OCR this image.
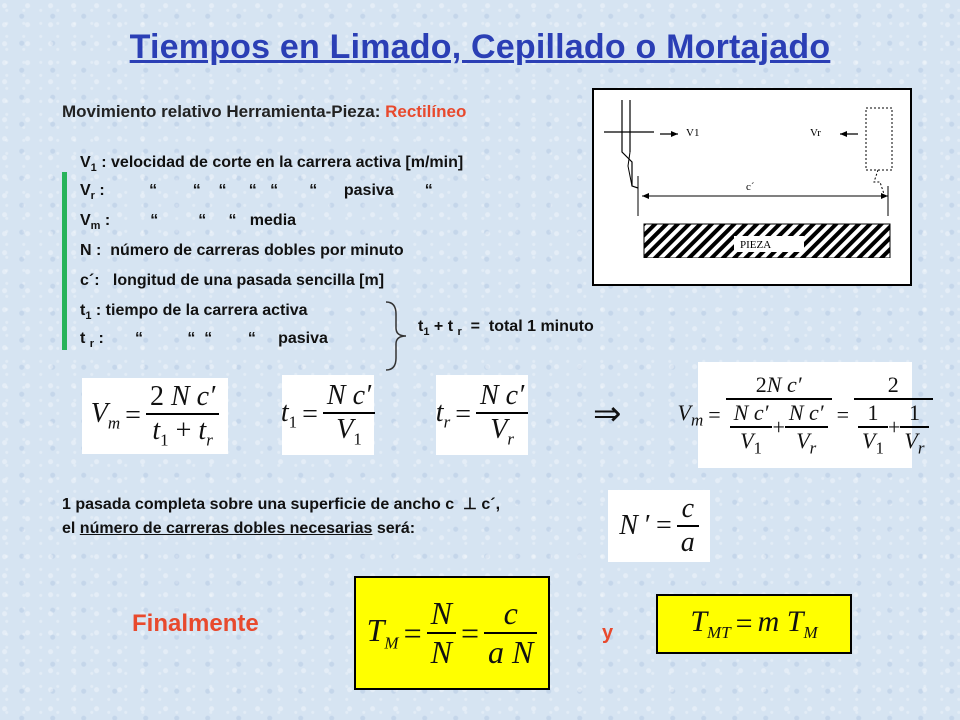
Tiempos en Limado, Cepillado o Mortajado
Movimiento relativo Herramienta-Pieza: Rectilíneo
$V_1$ : velocidad de corte en la carrera activa [m/min]
$V_r$ :          “        “    “     “   “       “      pasiva       “
$V_m$ :         “         “     “   media
N :  número de carreras dobles por minuto
c´:   longitud de una pasada sencilla [m]
$t_1$ : tiempo de la carrera activa
t $_r$ :       “          “  “        “     pasiva
$t_1 + t$ $_r$  =  total 1 minuto
V1	Vr
c´
PIEZA
$V_m = \frac{\text{2 N c′}}{t_1 + t_r} t_1 = \frac{\text{N c′}}{V_1} t_r = \frac{\text{N c′}}{V_r}$ ⇒	$V_m = \frac{\text{2N c′}}{\frac{\text{N c′}}{V_1} + \frac{\text{N c′}}{V_r}} = \frac{2}{\frac{1}{V_1} + \frac{1}{V_r}}$
1 pasada completa sobre una superficie de ancho c  ⊥ c´,
el número de carreras dobles necesarias será:	N ′ = $\frac{c}{a}$
Finalmente	$T_M = \frac{N}{N} = \frac{c}{\text{a N}}$	y	$T_{MT} = m$ $T_M$
